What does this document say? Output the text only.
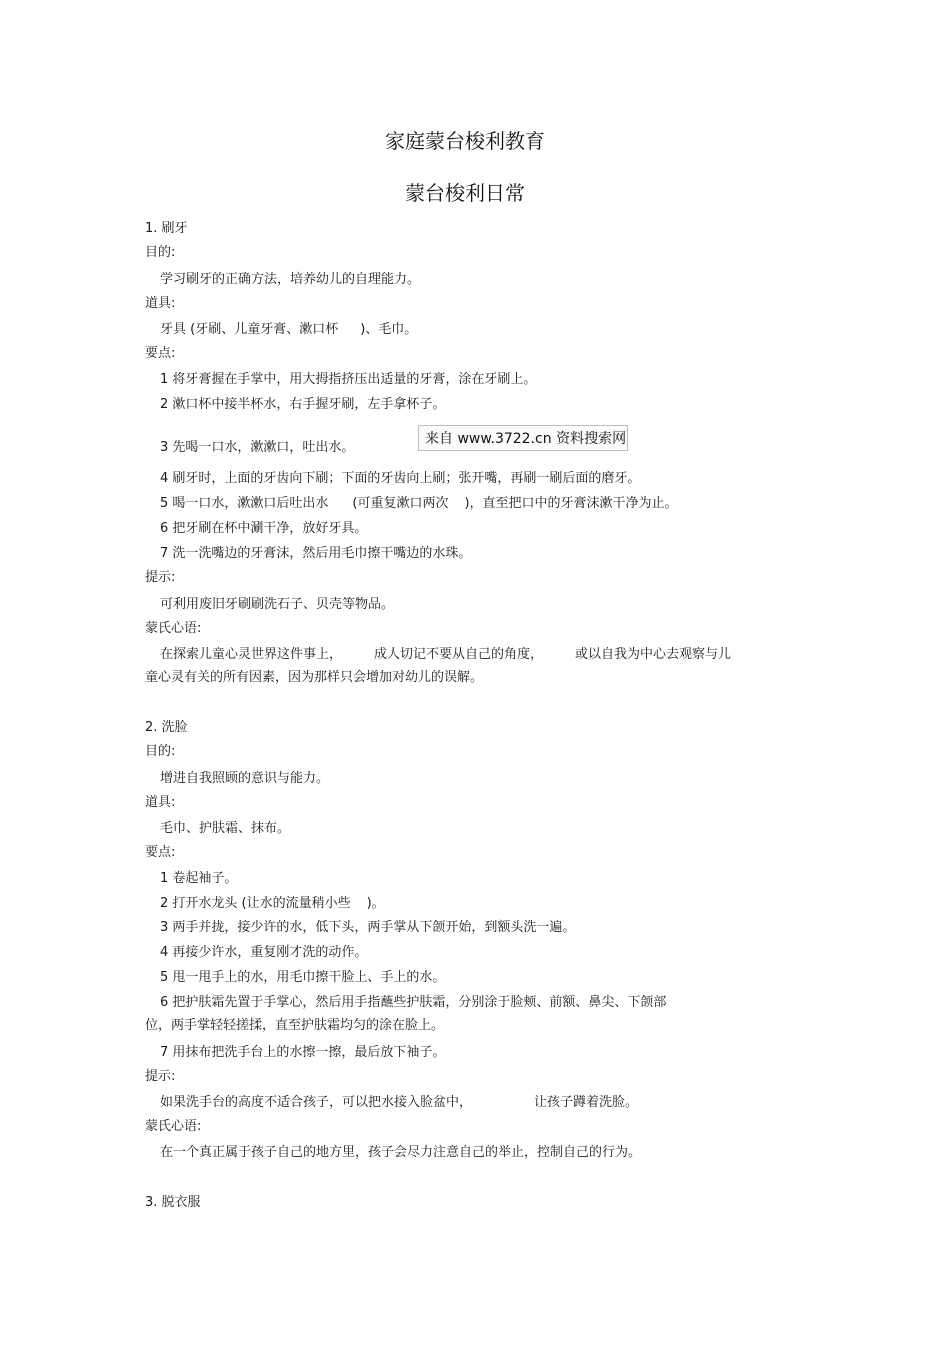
家庭蒙台梭利教育
蒙台梭利日常
1. 刷牙
目的:
学习刷牙的正确方法，培养幼儿的自理能力。
道具:
牙具 (牙刷、儿童牙膏、漱口杯 )、毛巾。
要点:
1 将牙膏握在手掌中，用大拇指挤压出适量的牙膏，涂在牙刷上。
2 漱口杯中接半杯水，右手握牙刷，左手拿杯子。
3 先喝一口水，漱漱口，吐出水。
来自 www.3722.cn 资料搜索网
4 刷牙时，上面的牙齿向下刷；下面的牙齿向上刷；张开嘴，再刷一刷后面的磨牙。
5 喝一口水，漱漱口后吐出水 (可重复漱口两次 )，直至把口中的牙膏沫漱干净为止。
6 把牙刷在杯中涮干净，放好牙具。
7 洗一洗嘴边的牙膏沫，然后用毛巾擦干嘴边的水珠。
提示:
可利用废旧牙刷刷洗石子、贝壳等物品。
蒙氏心语:
在探索儿童心灵世界这件事上， 成人切记不要从自己的角度， 或以自我为中心去观察与儿
童心灵有关的所有因素，因为那样只会增加对幼儿的误解。
2. 洗脸
目的:
增进自我照顾的意识与能力。
道具:
毛巾、护肤霜、抹布。
要点:
1 卷起袖子。
2 打开水龙头 (让水的流量稍小些 )。
3 两手并拢，接少许的水，低下头，两手掌从下颌开始，到额头洗一遍。
4 再接少许水，重复刚才洗的动作。
5 甩一甩手上的水，用毛巾擦干脸上、手上的水。
6 把护肤霜先置于手掌心，然后用手指蘸些护肤霜，分别涂于脸颊、前额、鼻尖、下颌部
位，两手掌轻轻搓揉，直至护肤霜均匀的涂在脸上。
7 用抹布把洗手台上的水擦一擦，最后放下袖子。
提示:
如果洗手台的高度不适合孩子，可以把水接入脸盆中，	让孩子蹲着洗脸。
蒙氏心语:
在一个真正属于孩子自己的地方里，孩子会尽力注意自己的举止，控制自己的行为。
3. 脱衣服
